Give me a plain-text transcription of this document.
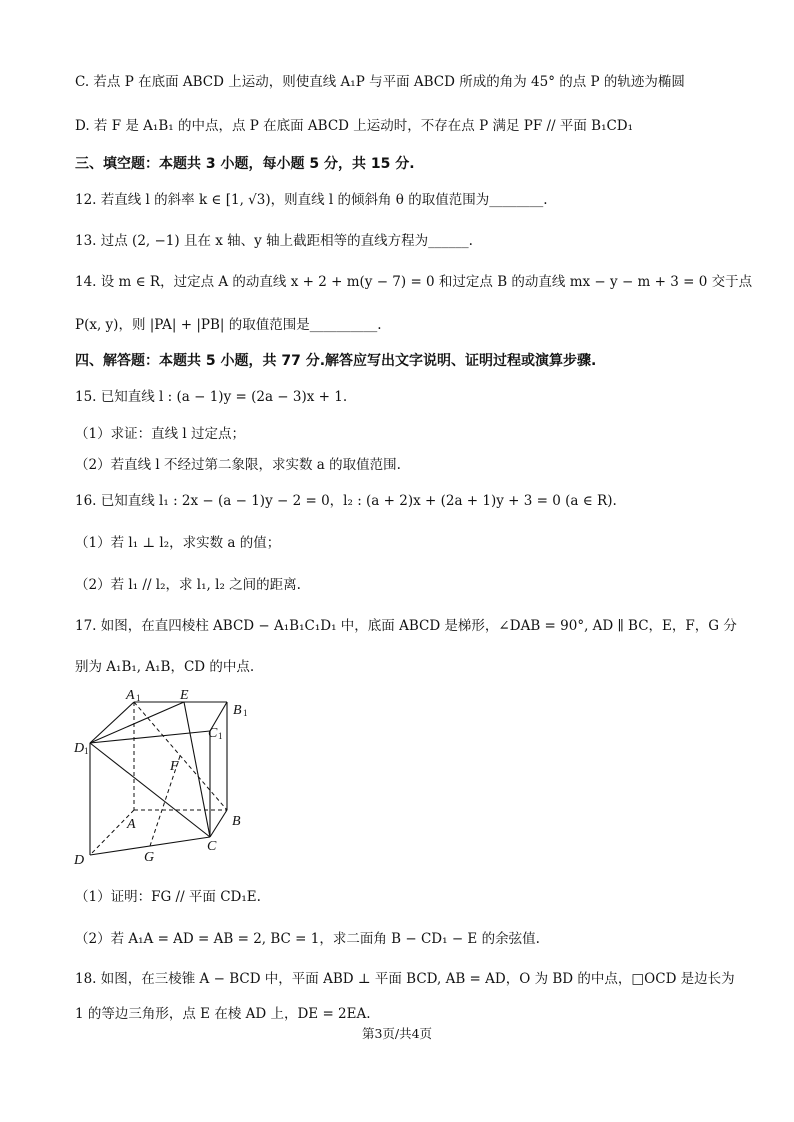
C. 若点 P 在底面 ABCD 上运动，则使直线 A₁P 与平面 ABCD 所成的角为 45° 的点 P 的轨迹为椭圆
D. 若 F 是 A₁B₁ 的中点，点 P 在底面 ABCD 上运动时，不存在点 P 满足 PF // 平面 B₁CD₁
三、填空题：本题共 3 小题，每小题 5 分，共 15 分.
12. 若直线 l 的斜率 k ∈ [1, √3)，则直线 l 的倾斜角 θ 的取值范围为________.
13. 过点 (2, −1) 且在 x 轴、y 轴上截距相等的直线方程为______.
14. 设 m ∈ R，过定点 A 的动直线 x + 2 + m(y − 7) = 0 和过定点 B 的动直线 mx − y − m + 3 = 0 交于点
P(x, y)，则 |PA| + |PB| 的取值范围是__________.
四、解答题：本题共 5 小题，共 77 分.解答应写出文字说明、证明过程或演算步骤.
15. 已知直线 l : (a − 1)y = (2a − 3)x + 1.
（1）求证：直线 l 过定点；
（2）若直线 l 不经过第二象限，求实数 a 的取值范围.
16. 已知直线 l₁ : 2x − (a − 1)y − 2 = 0，l₂ : (a + 2)x + (2a + 1)y + 3 = 0 (a ∈ R).
（1）若 l₁ ⊥ l₂，求实数 a 的值；
（2）若 l₁ // l₂，求 l₁, l₂ 之间的距离.
17. 如图，在直四棱柱 ABCD − A₁B₁C₁D₁ 中，底面 ABCD 是梯形，∠DAB = 90°, AD ∥ BC，E，F，G 分
别为 A₁B₁, A₁B，CD 的中点.
A 1	E
B 1
C 1
D 1
F
A	B
C
D	G
（1）证明：FG // 平面 CD₁E.
（2）若 A₁A = AD = AB = 2, BC = 1，求二面角 B − CD₁ − E 的余弦值.
18. 如图，在三棱锥 A − BCD 中，平面 ABD ⊥ 平面 BCD, AB = AD，O 为 BD 的中点，□OCD 是边长为
1 的等边三角形，点 E 在棱 AD 上，DE = 2EA.
第3页/共4页
